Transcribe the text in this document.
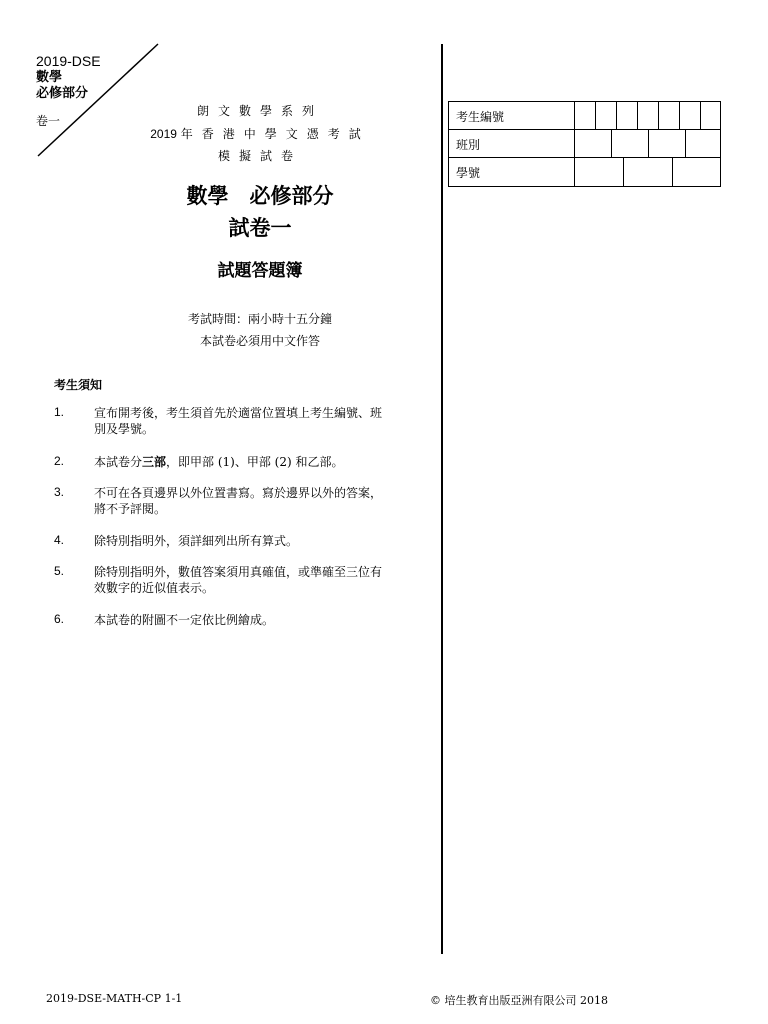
2019-DSE
數學
必修部分
卷一
朗文數學系列
2019 年香港中學文憑考試
模擬試卷
數學　必修部分
試卷一
試題答題簿
考試時間：兩小時十五分鐘
本試卷必須用中文作答
考生須知
1. 宣布開考後，考生須首先於適當位置填上考生編號、班別及學號。
2. 本試卷分三部，即甲部 (1)、甲部 (2) 和乙部。
3. 不可在各頁邊界以外位置書寫。寫於邊界以外的答案，將不予評閱。
4. 除特別指明外，須詳細列出所有算式。
5. 除特別指明外，數值答案須用真確值，或準確至三位有效數字的近似值表示。
6. 本試卷的附圖不一定依比例繪成。
考生編號
班別
學號
2019-DSE-MATH-CP 1-1	© 培生教育出版亞洲有限公司 2018
